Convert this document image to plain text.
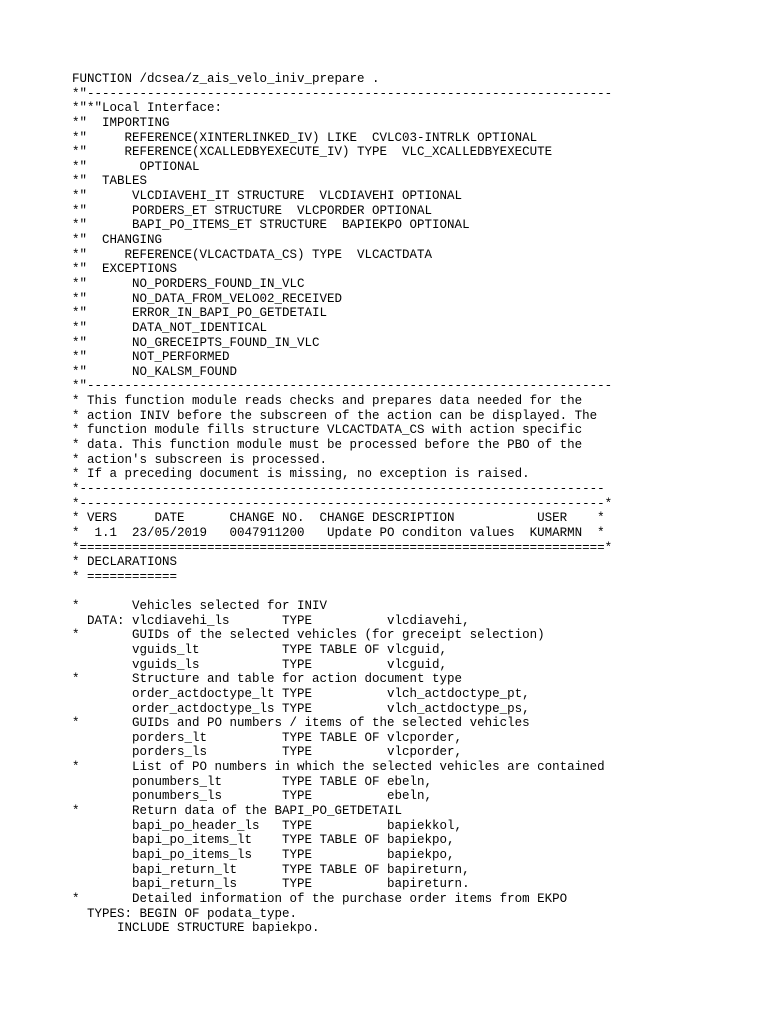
FUNCTION /dcsea/z_ais_velo_iniv_prepare .
*"----------------------------------------------------------------------
*"*"Local Interface:
*"  IMPORTING
*"     REFERENCE(XINTERLINKED_IV) LIKE  CVLC03-INTRLK OPTIONAL
*"     REFERENCE(XCALLEDBYEXECUTE_IV) TYPE  VLC_XCALLEDBYEXECUTE
*"       OPTIONAL
*"  TABLES
*"      VLCDIAVEHI_IT STRUCTURE  VLCDIAVEHI OPTIONAL
*"      PORDERS_ET STRUCTURE  VLCPORDER OPTIONAL
*"      BAPI_PO_ITEMS_ET STRUCTURE  BAPIEKPO OPTIONAL
*"  CHANGING
*"     REFERENCE(VLCACTDATA_CS) TYPE  VLCACTDATA
*"  EXCEPTIONS
*"      NO_PORDERS_FOUND_IN_VLC
*"      NO_DATA_FROM_VELO02_RECEIVED
*"      ERROR_IN_BAPI_PO_GETDETAIL
*"      DATA_NOT_IDENTICAL
*"      NO_GRECEIPTS_FOUND_IN_VLC
*"      NOT_PERFORMED
*"      NO_KALSM_FOUND
*"----------------------------------------------------------------------
* This function module reads checks and prepares data needed for the
* action INIV before the subscreen of the action can be displayed. The
* function module fills structure VLCACTDATA_CS with action specific
* data. This function module must be processed before the PBO of the
* action's subscreen is processed.
* If a preceding document is missing, no exception is raised.
*----------------------------------------------------------------------
*----------------------------------------------------------------------*
* VERS     DATE      CHANGE NO.  CHANGE DESCRIPTION           USER    *
*  1.1  23/05/2019   0047911200   Update PO conditon values  KUMARMN  *
*======================================================================*
* DECLARATIONS
* ============

*       Vehicles selected for INIV
DATA: vlcdiavehi_ls       TYPE          vlcdiavehi,
*       GUIDs of the selected vehicles (for greceipt selection)
vguids_lt           TYPE TABLE OF vlcguid,
vguids_ls           TYPE          vlcguid,
*       Structure and table for action document type
order_actdoctype_lt TYPE          vlch_actdoctype_pt,
order_actdoctype_ls TYPE          vlch_actdoctype_ps,
*       GUIDs and PO numbers / items of the selected vehicles
porders_lt          TYPE TABLE OF vlcporder,
porders_ls          TYPE          vlcporder,
*       List of PO numbers in which the selected vehicles are contained
ponumbers_lt        TYPE TABLE OF ebeln,
ponumbers_ls        TYPE          ebeln,
*       Return data of the BAPI_PO_GETDETAIL
bapi_po_header_ls   TYPE          bapiekkol,
bapi_po_items_lt    TYPE TABLE OF bapiekpo,
bapi_po_items_ls    TYPE          bapiekpo,
bapi_return_lt      TYPE TABLE OF bapireturn,
bapi_return_ls      TYPE          bapireturn.
*       Detailed information of the purchase order items from EKPO
TYPES: BEGIN OF podata_type.
INCLUDE STRUCTURE bapiekpo.
